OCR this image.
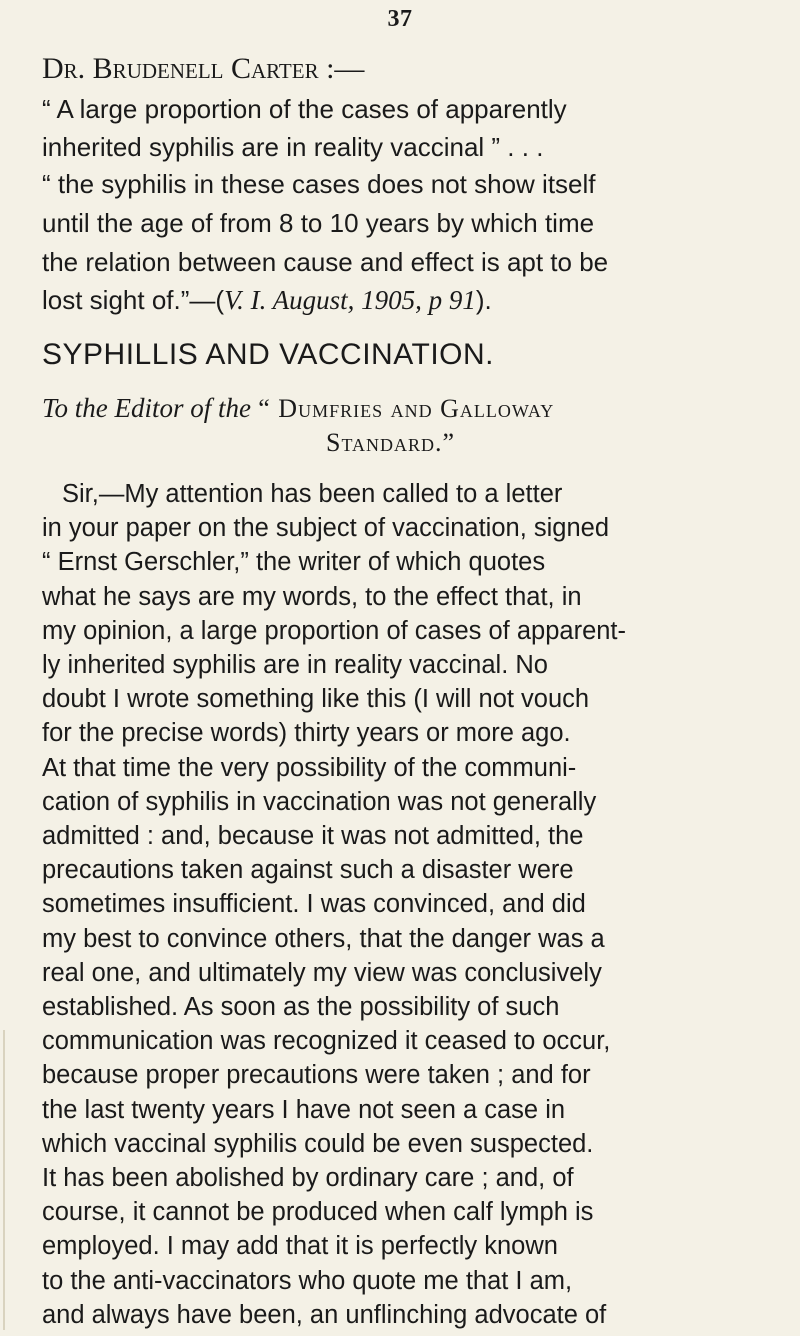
37
Dr. Brudenell Carter :—
“ A large proportion of the cases of apparently
inherited syphilis are in reality vaccinal ” . . .
“ the syphilis in these cases does not show itself
until the age of from 8 to 10 years by which time
the relation between cause and effect is apt to be
lost sight of.”—(V. I. August, 1905, p 91).
SYPHILLIS AND VACCINATION.
To the Editor of the “ Dumfries and Galloway
Standard.”
Sir,—My attention has been called to a letter
in your paper on the subject of vaccination, signed
“ Ernst Gerschler,” the writer of which quotes
what he says are my words, to the effect that, in
my opinion, a large proportion of cases of apparent-
ly inherited syphilis are in reality vaccinal. No
doubt I wrote something like this (I will not vouch
for the precise words) thirty years or more ago.
At that time the very possibility of the communi-
cation of syphilis in vaccination was not generally
admitted : and, because it was not admitted, the
precautions taken against such a disaster were
sometimes insufficient. I was convinced, and did
my best to convince others, that the danger was a
real one, and ultimately my view was conclusively
established. As soon as the possibility of such
communication was recognized it ceased to occur,
because proper precautions were taken ; and for
the last twenty years I have not seen a case in
which vaccinal syphilis could be even suspected.
It has been abolished by ordinary care ; and, of
course, it cannot be produced when calf lymph is
employed. I may add that it is perfectly known
to the anti-vaccinators who quote me that I am,
and always have been, an unflinching advocate of
